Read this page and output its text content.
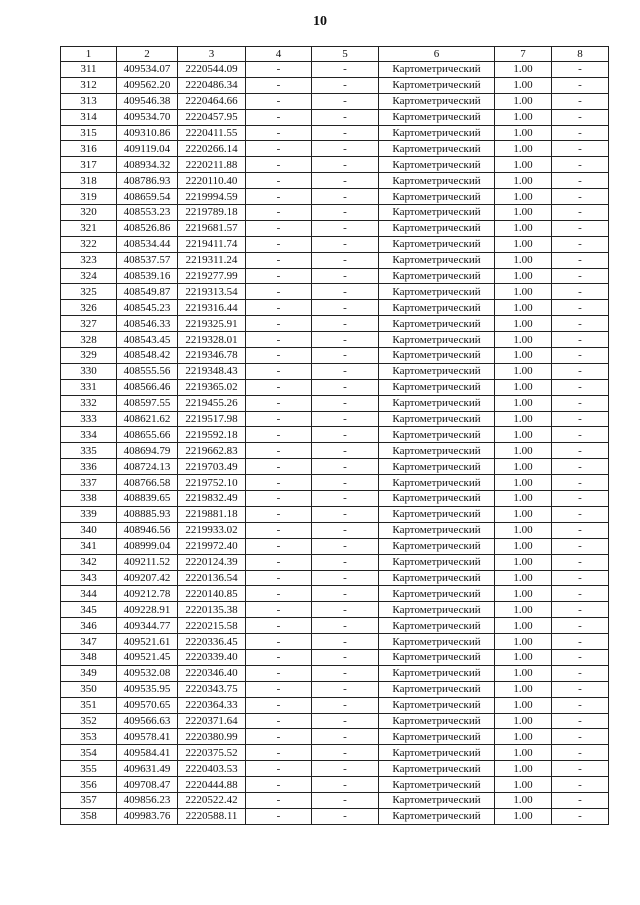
10
1	2	3	4	5	6	7	8
311	409534.07	2220544.09	-	-	Картометрический	1.00	-
312	409562.20	2220486.34	-	-	Картометрический	1.00	-
313	409546.38	2220464.66	-	-	Картометрический	1.00	-
314	409534.70	2220457.95	-	-	Картометрический	1.00	-
315	409310.86	2220411.55	-	-	Картометрический	1.00	-
316	409119.04	2220266.14	-	-	Картометрический	1.00	-
317	408934.32	2220211.88	-	-	Картометрический	1.00	-
318	408786.93	2220110.40	-	-	Картометрический	1.00	-
319	408659.54	2219994.59	-	-	Картометрический	1.00	-
320	408553.23	2219789.18	-	-	Картометрический	1.00	-
321	408526.86	2219681.57	-	-	Картометрический	1.00	-
322	408534.44	2219411.74	-	-	Картометрический	1.00	-
323	408537.57	2219311.24	-	-	Картометрический	1.00	-
324	408539.16	2219277.99	-	-	Картометрический	1.00	-
325	408549.87	2219313.54	-	-	Картометрический	1.00	-
326	408545.23	2219316.44	-	-	Картометрический	1.00	-
327	408546.33	2219325.91	-	-	Картометрический	1.00	-
328	408543.45	2219328.01	-	-	Картометрический	1.00	-
329	408548.42	2219346.78	-	-	Картометрический	1.00	-
330	408555.56	2219348.43	-	-	Картометрический	1.00	-
331	408566.46	2219365.02	-	-	Картометрический	1.00	-
332	408597.55	2219455.26	-	-	Картометрический	1.00	-
333	408621.62	2219517.98	-	-	Картометрический	1.00	-
334	408655.66	2219592.18	-	-	Картометрический	1.00	-
335	408694.79	2219662.83	-	-	Картометрический	1.00	-
336	408724.13	2219703.49	-	-	Картометрический	1.00	-
337	408766.58	2219752.10	-	-	Картометрический	1.00	-
338	408839.65	2219832.49	-	-	Картометрический	1.00	-
339	408885.93	2219881.18	-	-	Картометрический	1.00	-
340	408946.56	2219933.02	-	-	Картометрический	1.00	-
341	408999.04	2219972.40	-	-	Картометрический	1.00	-
342	409211.52	2220124.39	-	-	Картометрический	1.00	-
343	409207.42	2220136.54	-	-	Картометрический	1.00	-
344	409212.78	2220140.85	-	-	Картометрический	1.00	-
345	409228.91	2220135.38	-	-	Картометрический	1.00	-
346	409344.77	2220215.58	-	-	Картометрический	1.00	-
347	409521.61	2220336.45	-	-	Картометрический	1.00	-
348	409521.45	2220339.40	-	-	Картометрический	1.00	-
349	409532.08	2220346.40	-	-	Картометрический	1.00	-
350	409535.95	2220343.75	-	-	Картометрический	1.00	-
351	409570.65	2220364.33	-	-	Картометрический	1.00	-
352	409566.63	2220371.64	-	-	Картометрический	1.00	-
353	409578.41	2220380.99	-	-	Картометрический	1.00	-
354	409584.41	2220375.52	-	-	Картометрический	1.00	-
355	409631.49	2220403.53	-	-	Картометрический	1.00	-
356	409708.47	2220444.88	-	-	Картометрический	1.00	-
357	409856.23	2220522.42	-	-	Картометрический	1.00	-
358	409983.76	2220588.11	-	-	Картометрический	1.00	-
